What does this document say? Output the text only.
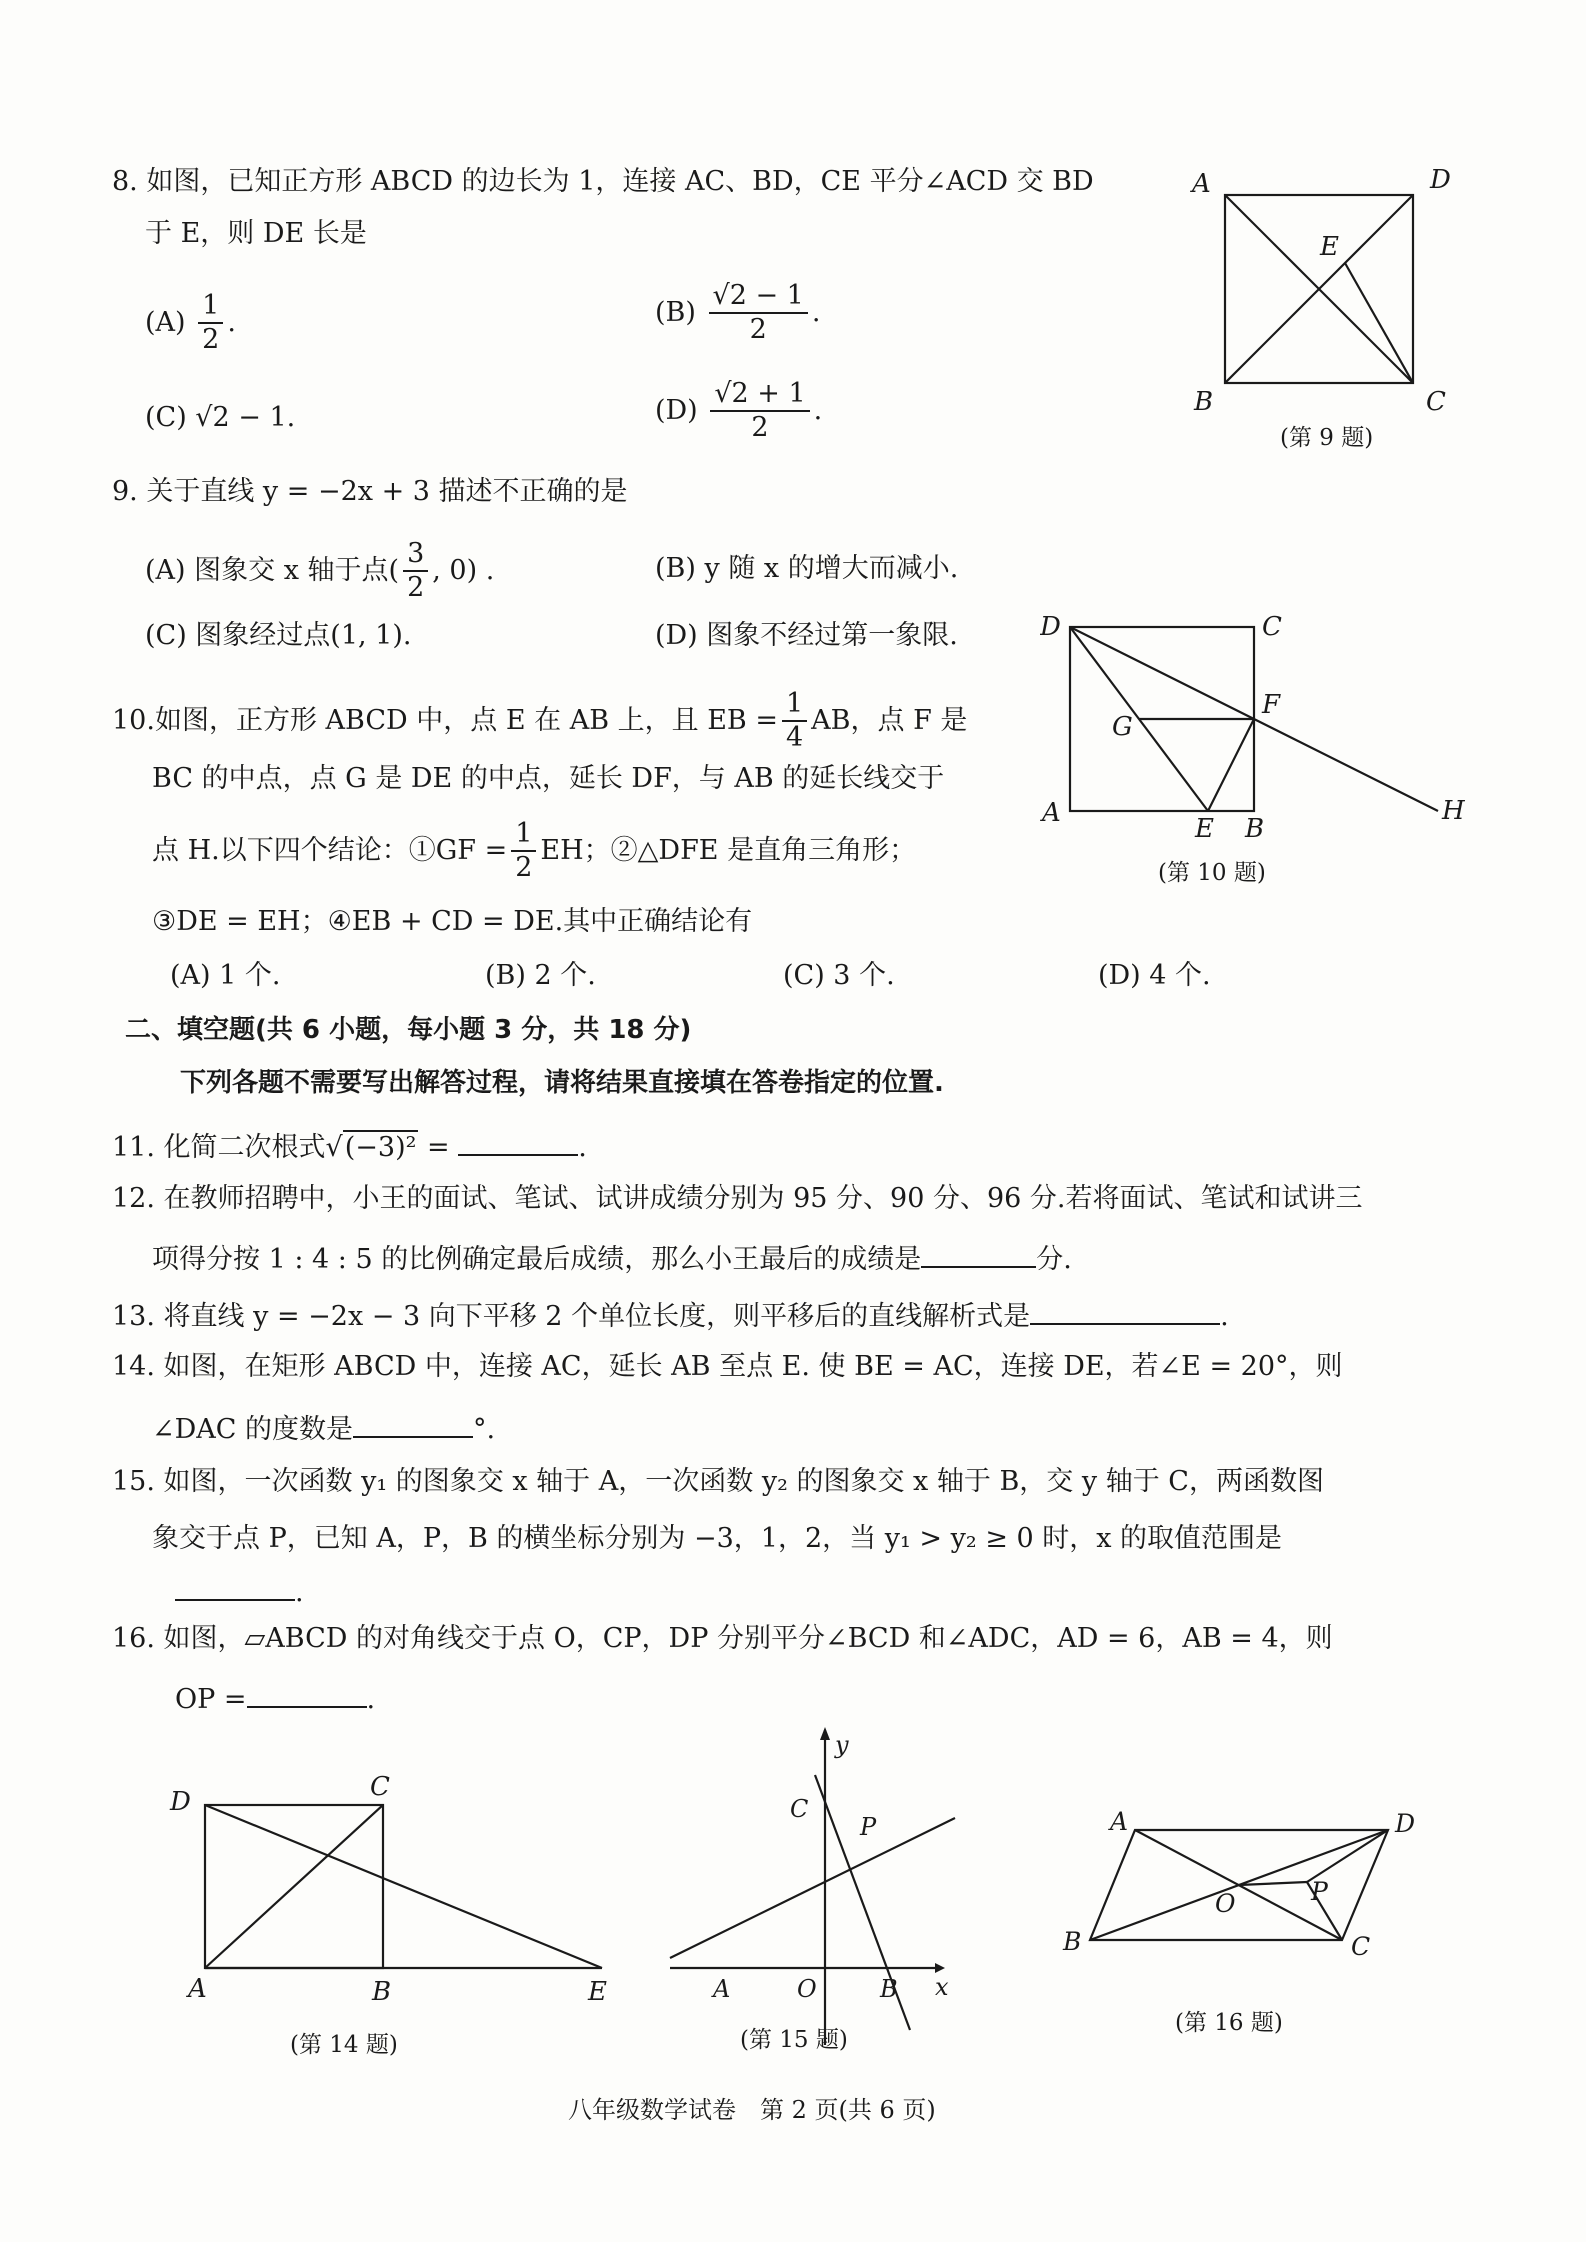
8. 如图，已知正方形 ABCD 的边长为 1，连接 AC、BD，CE 平分∠ACD 交 BD
于 E，则 DE 长是
$(A) \frac{1}{2}$ .	$(B) \frac{√2 - 1}{2}$ .
(C) √2 − 1.	$(D) \frac{√2 + 1}{2}$ .
A	D
E
B	C
(第 9 题)
9. 关于直线 y = −2x + 3 描述不正确的是
(A) 图象交 x 轴于点( $\frac{3}{2}$ , 0) .	(B) y 随 x 的增大而减小.
(C) 图象经过点(1, 1).	(D) 图象不经过第一象限.	D	C
F
G
A
E B
H
(第 10 题)
10.如图，正方形 ABCD 中，点 E 在 AB 上，且 EB = $\frac{1}{4}$ AB，点 F 是
BC 的中点，点 G 是 DE 的中点，延长 DF，与 AB 的延长线交于
点 H.以下四个结论：①GF = $\frac{1}{2}$ EH；②△DFE 是直角三角形；
③DE = EH；④EB + CD = DE.其中正确结论有
(A) 1 个.	(B) 2 个.	(C) 3 个.	(D) 4 个.
二、填空题(共 6 小题，每小题 3 分，共 18 分)
下列各题不需要写出解答过程，请将结果直接填在答卷指定的位置.
11. 化简二次根式√(−3)² =	.
12. 在教师招聘中，小王的面试、笔试、试讲成绩分别为 95 分、90 分、96 分.若将面试、笔试和试讲三
项得分按 1 : 4 : 5 的比例确定最后成绩，那么小王最后的成绩是	分.
13. 将直线 y = −2x − 3 向下平移 2 个单位长度，则平移后的直线解析式是	.
14. 如图，在矩形 ABCD 中，连接 AC，延长 AB 至点 E. 使 BE = AC，连接 DE，若∠E = 20°，则
∠DAC 的度数是	°.
15. 如图，一次函数 y₁ 的图象交 x 轴于 A，一次函数 y₂ 的图象交 x 轴于 B，交 y 轴于 C，两函数图
象交于点 P，已知 A，P，B 的横坐标分别为 −3，1，2，当 y₁ > y₂ ≥ 0 时，x 的取值范围是
.
16. 如图，▱ABCD 的对角线交于点 O，CP，DP 分别平分∠BCD 和∠ADC，AD = 6，AB = 4，则
OP =	.
D	C
A	B	E
(第 14 题)
y
x
C
P
A	O	B
(第 15 题)
A	D
O	P
B	C
(第 16 题)
八年级数学试卷　第 2 页(共 6 页)
